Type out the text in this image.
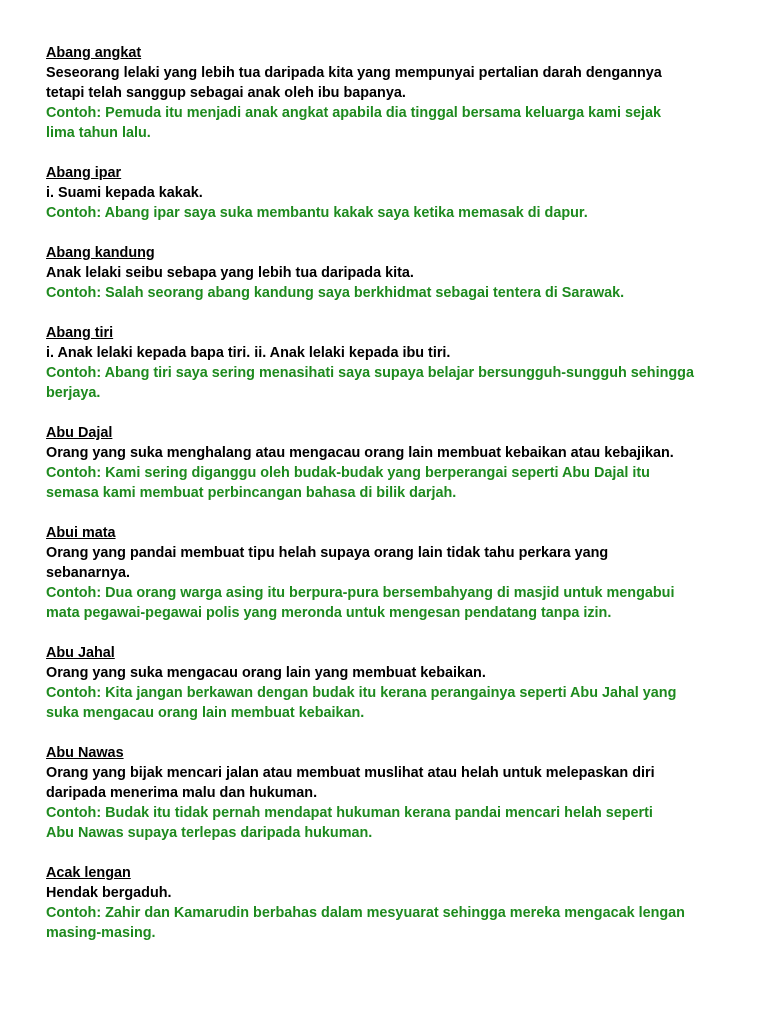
Abang angkat
Seseorang lelaki yang lebih tua daripada kita yang mempunyai pertalian darah dengannya
tetapi telah sanggup sebagai anak oleh ibu bapanya.
Contoh: Pemuda itu menjadi anak angkat apabila dia tinggal bersama keluarga kami sejak
lima tahun lalu.
Abang ipar
i. Suami kepada kakak.
Contoh: Abang ipar saya suka membantu kakak saya ketika memasak di dapur.
Abang kandung
Anak lelaki seibu sebapa yang lebih tua daripada kita.
Contoh: Salah seorang abang kandung saya berkhidmat sebagai tentera di Sarawak.
Abang tiri
i. Anak lelaki kepada bapa tiri. ii. Anak lelaki kepada ibu tiri.
Contoh: Abang tiri saya sering menasihati saya supaya belajar bersungguh-sungguh sehingga
berjaya.
Abu Dajal
Orang yang suka menghalang atau mengacau orang lain membuat kebaikan atau kebajikan.
Contoh: Kami sering diganggu oleh budak-budak yang berperangai seperti Abu Dajal itu
semasa kami membuat perbincangan bahasa di bilik darjah.
Abui mata
Orang yang pandai membuat tipu helah supaya orang lain tidak tahu perkara yang
sebanarnya.
Contoh: Dua orang warga asing itu berpura-pura bersembahyang di masjid untuk mengabui
mata pegawai-pegawai polis yang meronda untuk mengesan pendatang tanpa izin.
Abu Jahal
Orang yang suka mengacau orang lain yang membuat kebaikan.
Contoh: Kita jangan berkawan dengan budak itu kerana perangainya seperti Abu Jahal yang
suka mengacau orang lain membuat kebaikan.
Abu Nawas
Orang yang bijak mencari jalan atau membuat muslihat atau helah untuk melepaskan diri
daripada menerima malu dan hukuman.
Contoh: Budak itu tidak pernah mendapat hukuman kerana pandai mencari helah seperti
Abu Nawas supaya terlepas daripada hukuman.
Acak lengan
Hendak bergaduh.
Contoh: Zahir dan Kamarudin berbahas dalam mesyuarat sehingga mereka mengacak lengan
masing-masing.
